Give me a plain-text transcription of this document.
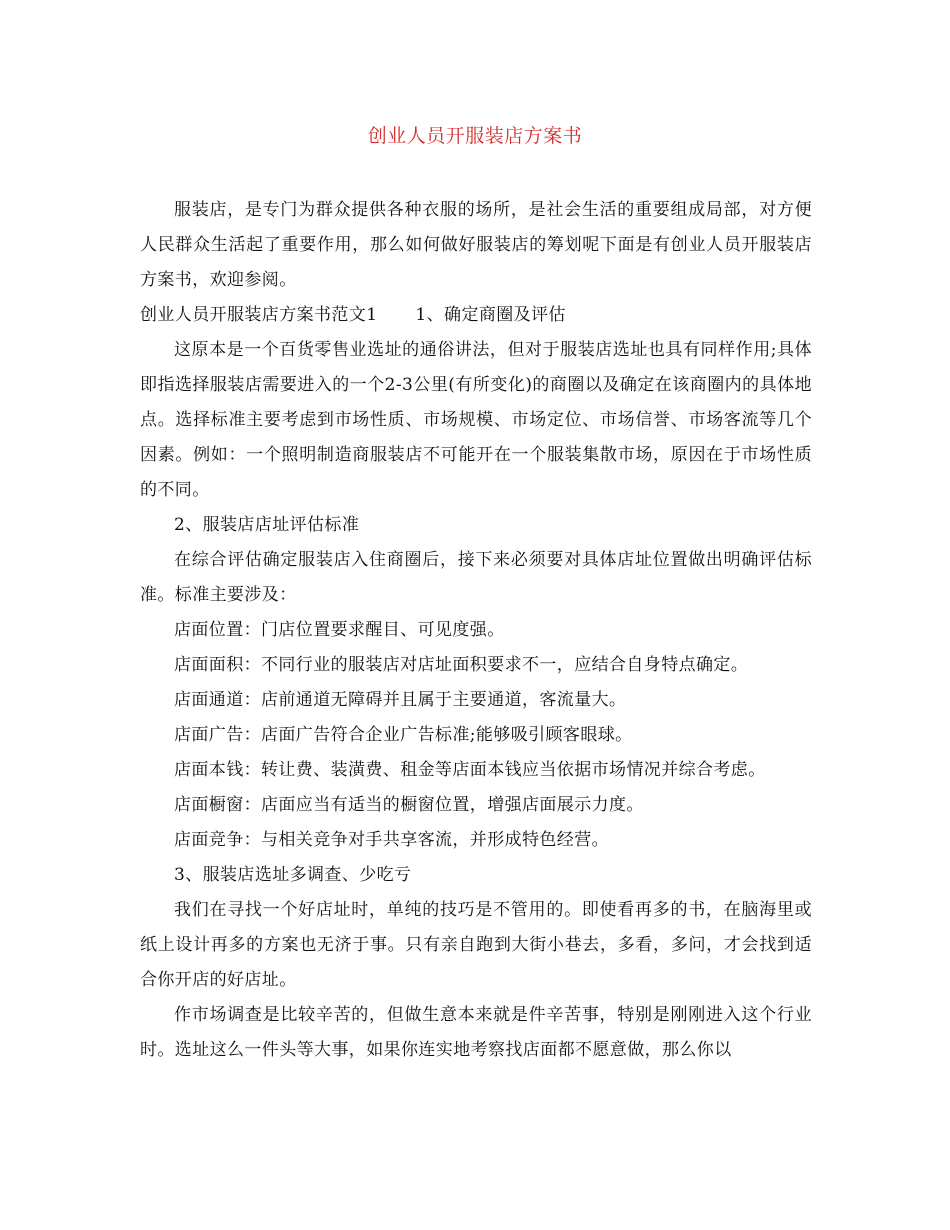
创业人员开服装店方案书

服装店，是专门为群众提供各种衣服的场所，是社会生活的重要组成局部，对方便人民群众生活起了重要作用，那么如何做好服装店的筹划呢下面是有创业人员开服装店方案书，欢迎参阅。

创业人员开服装店方案书范文1 1、确定商圈及评估

这原本是一个百货零售业选址的通俗讲法，但对于服装店选址也具有同样作用;具体即指选择服装店需要进入的一个2-3公里(有所变化)的商圈以及确定在该商圈内的具体地点。选择标准主要考虑到市场性质、市场规模、市场定位、市场信誉、市场客流等几个因素。例如：一个照明制造商服装店不可能开在一个服装集散市场，原因在于市场性质的不同。

2、服装店店址评估标准

在综合评估确定服装店入住商圈后，接下来必须要对具体店址位置做出明确评估标准。标准主要涉及：

店面位置：门店位置要求醒目、可见度强。

店面面积：不同行业的服装店对店址面积要求不一，应结合自身特点确定。

店面通道：店前通道无障碍并且属于主要通道，客流量大。

店面广告：店面广告符合企业广告标准;能够吸引顾客眼球。

店面本钱：转让费、装潢费、租金等店面本钱应当依据市场情况并综合考虑。

店面橱窗：店面应当有适当的橱窗位置，增强店面展示力度。

店面竞争：与相关竞争对手共享客流，并形成特色经营。

3、服装店选址多调查、少吃亏

我们在寻找一个好店址时，单纯的技巧是不管用的。即使看再多的书，在脑海里或纸上设计再多的方案也无济于事。只有亲自跑到大街小巷去，多看，多问，才会找到适合你开店的好店址。

作市场调查是比较辛苦的，但做生意本来就是件辛苦事，特别是刚刚进入这个行业时。选址这么一件头等大事，如果你连实地考察找店面都不愿意做，那么你以
